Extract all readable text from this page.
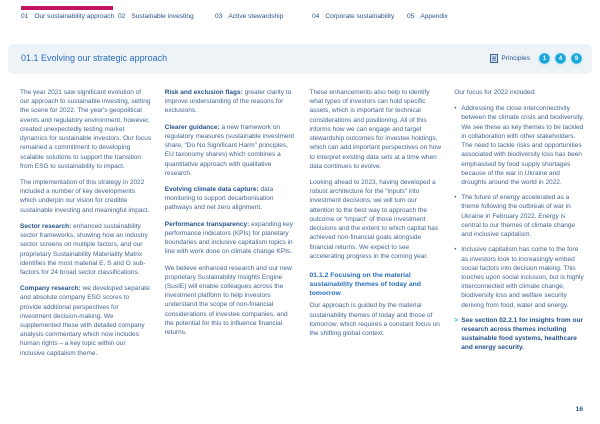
01 Our sustainability approach 02 Sustainable investing	03 Active stewardship	04 Corporate sustainability 05 Appendix
01.1 Evolving our strategic approach	Principles	1	4	9

The year 2021 saw significant evolution of our approach to sustainable investing, setting the scene for 2022. The year's geopolitical events and regulatory environment, however, created unexpectedly testing market dynamics for sustainable investors. Our focus remained a commitment to developing scalable solutions to support the transition from ESG to sustainability to impact.

The implementation of this strategy in 2022 included a number of key developments which underpin our vision for credible sustainable investing and meaningful impact.

Sector research: enhanced sustainability sector frameworks, showing how an industry sector screens on multiple factors, and our proprietary Sustainability Materiality Matrix identifies the most material E, S and G sub-factors for 24 broad sector classifications.

Company research: we developed separate and absolute company ESG scores to provide additional perspectives for investment decision-making. We supplemented these with detailed company analysis commentary which now includes human rights – a key topic within our inclusive capitalism theme.

Risk and exclusion flags: greater clarity to improve understanding of the reasons for exclusions.

Clearer guidance: a new framework on regulatory measures (sustainable investment share, “Do No Significant Harm” principles, EU taxonomy shares) which combines a quantitative approach with qualitative research.

Evolving climate data capture: data monitoring to support decarbonisation pathways and net zero alignment.

Performance transparency: expanding key performance indicators (KPIs) for planetary boundaries and inclusive capitalism topics in line with work done on climate change KPIs.

We believe enhanced research and our new proprietary Sustainability Insights Engine (SusIE) will enable colleagues across the investment platform to help investors understand the scope of non-financial considerations of investee companies, and the potential for this to influence financial returns.

These enhancements also help to identify what types of investors can hold specific assets, which is important for technical considerations and positioning. All of this informs how we can engage and target stewardship outcomes for investee holdings, which can add important perspectives on how to interpret existing data sets at a time when data continues to evolve.

Looking ahead to 2023, having developed a robust architecture for the “inputs” into investment decisions, we will turn our attention to the best way to approach the outcome or “impact” of those investment decisions and the extent to which capital has achieved non-financial goals alongside financial returns. We expect to see accelerating progress in the coming year.

01.1.2 Focusing on the material sustainability themes of today and tomorrow

Our approach is guided by the material sustainability themes of today and those of tomorrow, which requires a constant focus on the shifting global context.

Our focus for 2022 included:

• Addressing the close interconnectivity between the climate crisis and biodiversity. We see these as key themes to be tackled in collaboration with other stakeholders. The need to tackle risks and opportunities associated with biodiversity loss has been emphasised by food supply shortages because of the war in Ukraine and droughts around the world in 2022.
• The future of energy accelerated as a theme following the outbreak of war in Ukraine in February 2022. Energy is central to our themes of climate change and inclusive capitalism.
• Inclusive capitalism has come to the fore as investors look to increasingly embed social factors into decision making. This touches upon social inclusion, but is highly interconnected with climate change, biodiversity loss and welfare security deriving from food, water and energy.
> See section 02.2.1 for insights from our research across themes including sustainable food systems, healthcare and energy security.
16
